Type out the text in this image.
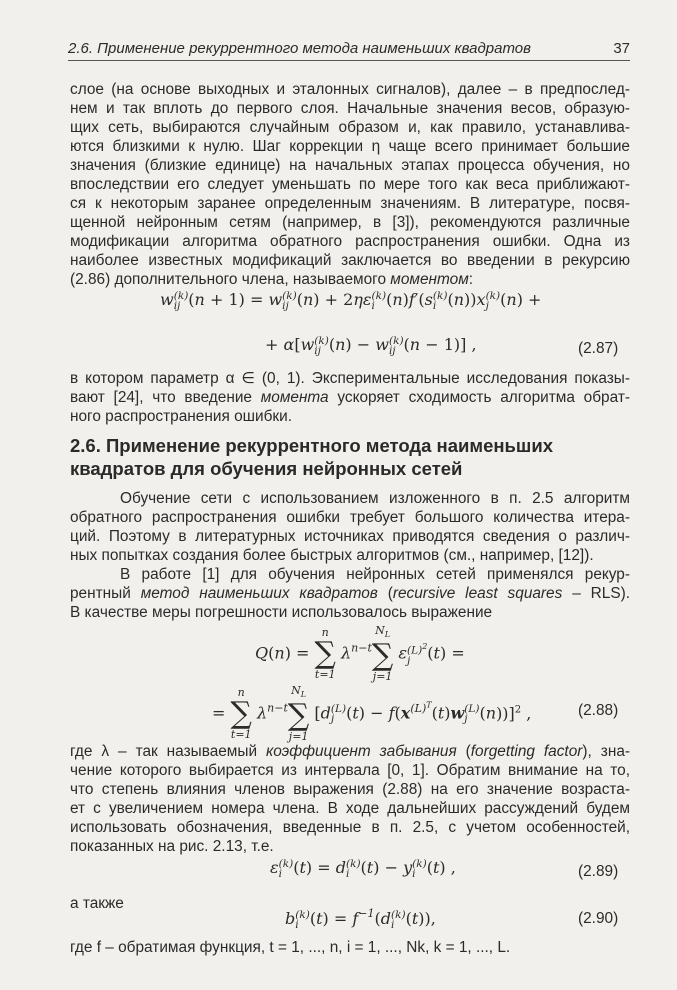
2.6. Применение рекуррентного метода наименьших квадратов	37
слое (на основе выходных и эталонных сигналов), далее – в предпослед-
нем и так вплоть до первого слоя. Начальные значения весов, образую-
щих сеть, выбираются случайным образом и, как правило, устанавлива-
ются близкими к нулю. Шаг коррекции η чаще всего принимает большие
значения (близкие единице) на начальных этапах процесса обучения, но
впоследствии его следует уменьшать по мере того как веса приближают-
ся к некоторым заранее определенным значениям. В литературе, посвя-
щенной нейронным сетям (например, в [3]), рекомендуются различные
модификации алгоритма обратного распространения ошибки. Одна из
наиболее известных модификаций заключается во введении в рекурсию
(2.86) дополнительного члена, называемого моментом:
w (k)
ij (n + 1) = w (k)
ij (n) + 2ηε (k)
i (n)f′(s (k)
i (n))x (k)
j (n) +
+ α[w (k)
ij (n) − w (k)
ij (n − 1)] ,	(2.87)
в котором параметр α ∈ (0, 1). Экспериментальные исследования показы-
вают [24], что введение момента ускоряет сходимость алгоритма обрат-
ного распространения ошибки.
2.6. Применение рекуррентного метода наименьших
квадратов для обучения нейронных сетей
Обучение сети с использованием изложенного в п. 2.5 алгоритм
обратного распространения ошибки требует большого количества итера-
ций. Поэтому в литературных источниках приводятся сведения о различ-
ных попытках создания более быстрых алгоритмов (см., например, [12]).
В работе [1] для обучения нейронных сетей применялся рекур-
рентный метод наименьших квадратов (recursive least squares – RLS).
В качестве меры погрешности использовалось выражение
Q(n) =
n
∑
t=1
$\lambda^{n-t}$
$N_L$
∑
j=1
ε $(L)^2$
j	(t) =
=
n
∑
t=1
$\lambda^{n-t}$
$N_L$
∑
j=1
[d (L)
j $(t) - f(x^{(L)^T}(t)w$ (L)
j (n))]$^2$ ,	(2.88)
где λ – так называемый коэффициент забывания (forgetting factor), зна-
чение которого выбирается из интервала [0, 1]. Обратим внимание на то,
что степень влияния членов выражения (2.88) на его значение возраста-
ет с увеличением номера члена. В ходе дальнейших рассуждений будем
использовать обозначения, введенные в п. 2.5, с учетом особенностей,
показанных на рис. 2.13, т.е.
ε (k)
i (t) = d (k)
i (t) − y (k)
i (t) ,	(2.89)
а также
b (k)
i $(t) = f^{-1}(d$ (k)
i (t)),	(2.90)
где f – обратимая функция, t = 1, ..., n, i = 1, ..., Nk, k = 1, ..., L.
